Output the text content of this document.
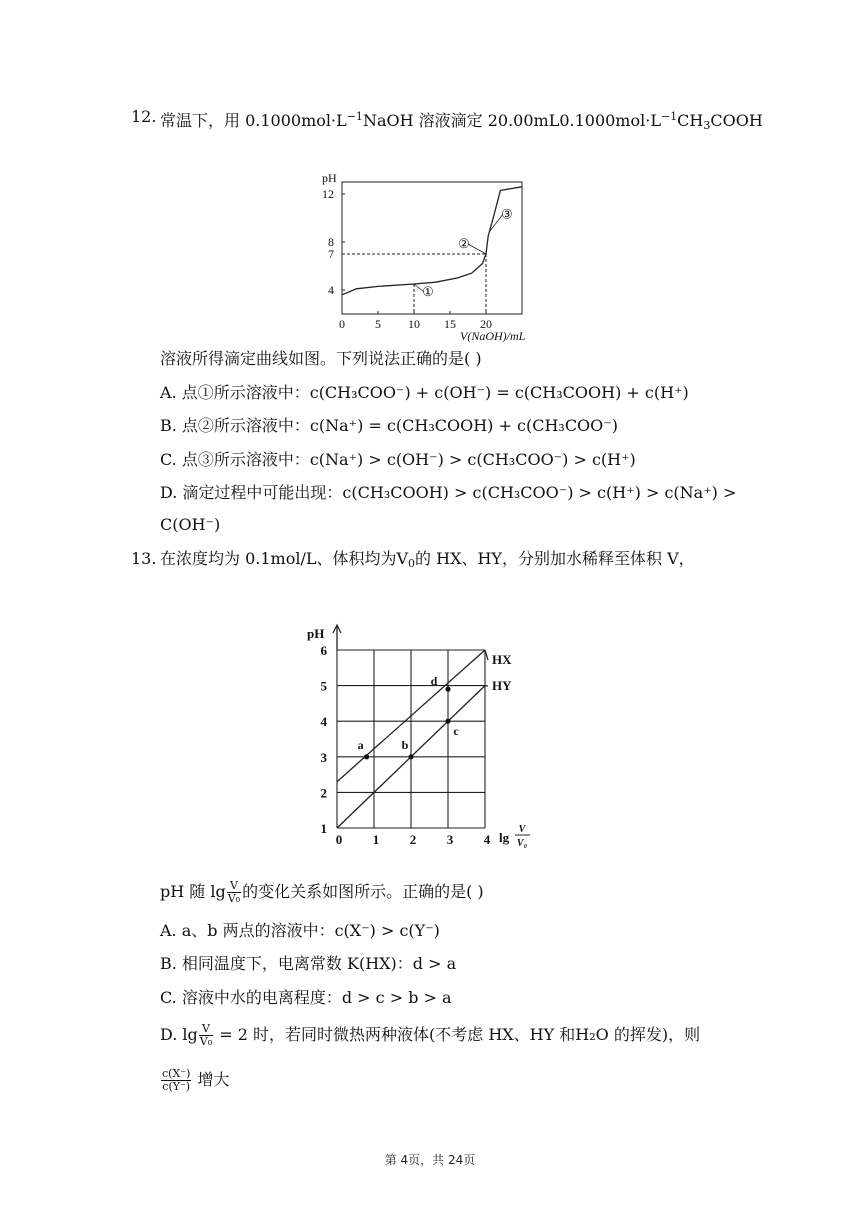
12. 常温下，用 $0.1000mol\cdot L^{-1}NaOH$ 溶液滴定 $20.00mL0.1000mol\cdot L^{-1}CH_3COOH$
pH
V(NaOH)/mL
0	5 10 15 20
4
7
8
12
①
②
③
溶液所得滴定曲线如图。下列说法正确的是( )
A. 点①所示溶液中：c(CH₃COO⁻) + c(OH⁻) = c(CH₃COOH) + c(H⁺)
B. 点②所示溶液中：c(Na⁺) = c(CH₃COOH) + c(CH₃COO⁻)
C. 点③所示溶液中：c(Na⁺) > c(OH⁻) > c(CH₃COO⁻) > c(H⁺)
D. 滴定过程中可能出现：c(CH₃COOH) > c(CH₃COO⁻) > c(H⁺) > c(Na⁺) >
C(OH⁻)
13. 在浓度均为 0.1mol/L、体积均为$V_0$的 HX、HY，分别加水稀释至体积 V，
0 1 2 3 4
1
2
3
4
5
6
pH
lg
V
V₀
HX
HY
a	b
c
d
pH 随 $\lg \frac{V}{\text{V₀}}$ 的变化关系如图所示。正确的是( )
A. a、b 两点的溶液中：c(X⁻) > c(Y⁻)
B. 相同温度下，电离常数 K(HX)：d > a
C. 溶液中水的电离程度：d > c > b > a
D. $\lg \frac{V}{\text{V₀}} = 2$ 时，若同时微热两种液体(不考虑 HX、HY 和H₂O 的挥发)，则
$\frac{c(X^-)}{c(Y^-)}$ 增大
第 4页，共 24页
